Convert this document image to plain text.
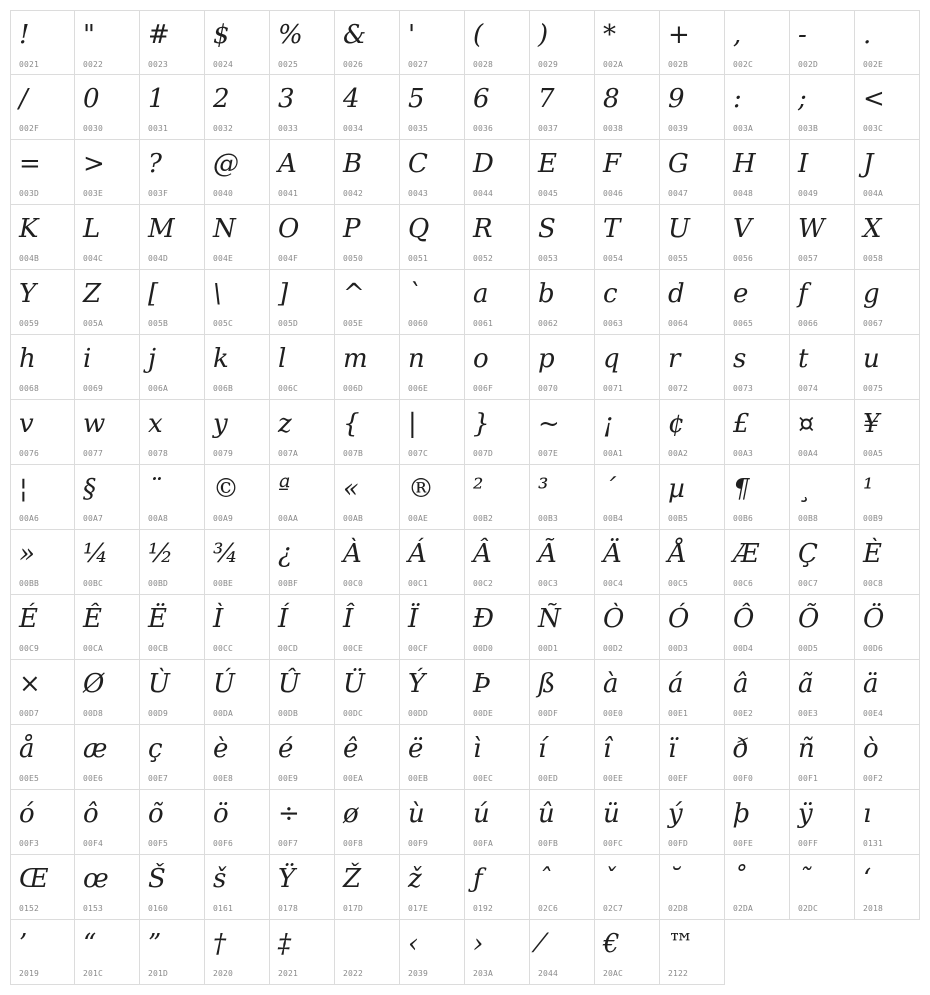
!
0021
"
0022
#
0023
$
0024
%
0025
&
0026
'
0027
(
0028
)
0029
*
002A
+
002B
,
002C
-
002D
.
002E
/
002F
0
0030
1
0031
2
0032
3
0033
4
0034
5
0035
6
0036
7
0037
8
0038
9
0039
:
003A
;
003B
<
003C
=
003D
>
003E
?
003F
@
0040
A
0041
B
0042
C
0043
D
0044
E
0045
F
0046
G
0047
H
0048
I
0049
J
004A
K
004B
L
004C
M
004D
N
004E
O
004F
P
0050
Q
0051
R
0052
S
0053
T
0054
U
0055
V
0056
W
0057
X
0058
Y
0059
Z
005A
[
005B
\
005C
]
005D
^
005E
`
0060
a
0061
b
0062
c
0063
d
0064
e
0065
f
0066
g
0067
h
0068
i
0069
j
006A
k
006B
l
006C
m
006D
n
006E
o
006F
p
0070
q
0071
r
0072
s
0073
t
0074
u
0075
v
0076
w
0077
x
0078
y
0079
z
007A
{
007B
|
007C
}
007D
~
007E
¡
00A1
¢
00A2
£
00A3
¤
00A4
¥
00A5
¦
00A6
§
00A7
¨
00A8
©
00A9
ª
00AA
«
00AB
®
00AE
²
00B2
³
00B3
´
00B4
µ
00B5
¶
00B6
¸
00B8
¹
00B9
»
00BB
¼
00BC
½
00BD
¾
00BE
¿
00BF
À
00C0
Á
00C1
Â
00C2
Ã
00C3
Ä
00C4
Å
00C5
Æ
00C6
Ç
00C7
È
00C8
É
00C9
Ê
00CA
Ë
00CB
Ì
00CC
Í
00CD
Î
00CE
Ï
00CF
Ð
00D0
Ñ
00D1
Ò
00D2
Ó
00D3
Ô
00D4
Õ
00D5
Ö
00D6
×
00D7
Ø
00D8
Ù
00D9
Ú
00DA
Û
00DB
Ü
00DC
Ý
00DD
Þ
00DE
ß
00DF
à
00E0
á
00E1
â
00E2
ã
00E3
ä
00E4
å
00E5
æ
00E6
ç
00E7
è
00E8
é
00E9
ê
00EA
ë
00EB
ì
00EC
í
00ED
î
00EE
ï
00EF
ð
00F0
ñ
00F1
ò
00F2
ó
00F3
ô
00F4
õ
00F5
ö
00F6
÷
00F7
ø
00F8
ù
00F9
ú
00FA
û
00FB
ü
00FC
ý
00FD
þ
00FE
ÿ
00FF
ı
0131
Œ
0152
œ
0153
Š
0160
š
0161
Ÿ
0178
Ž
017D
ž
017E
ƒ
0192
ˆ
02C6
ˇ
02C7
˘
02D8
˚
02DA
˜
02DC
‘
2018
’
2019
“
201C
”
201D
†
2020
‡
2021	2022
‹
2039
›
203A
⁄
2044
€
20AC
™
2122
